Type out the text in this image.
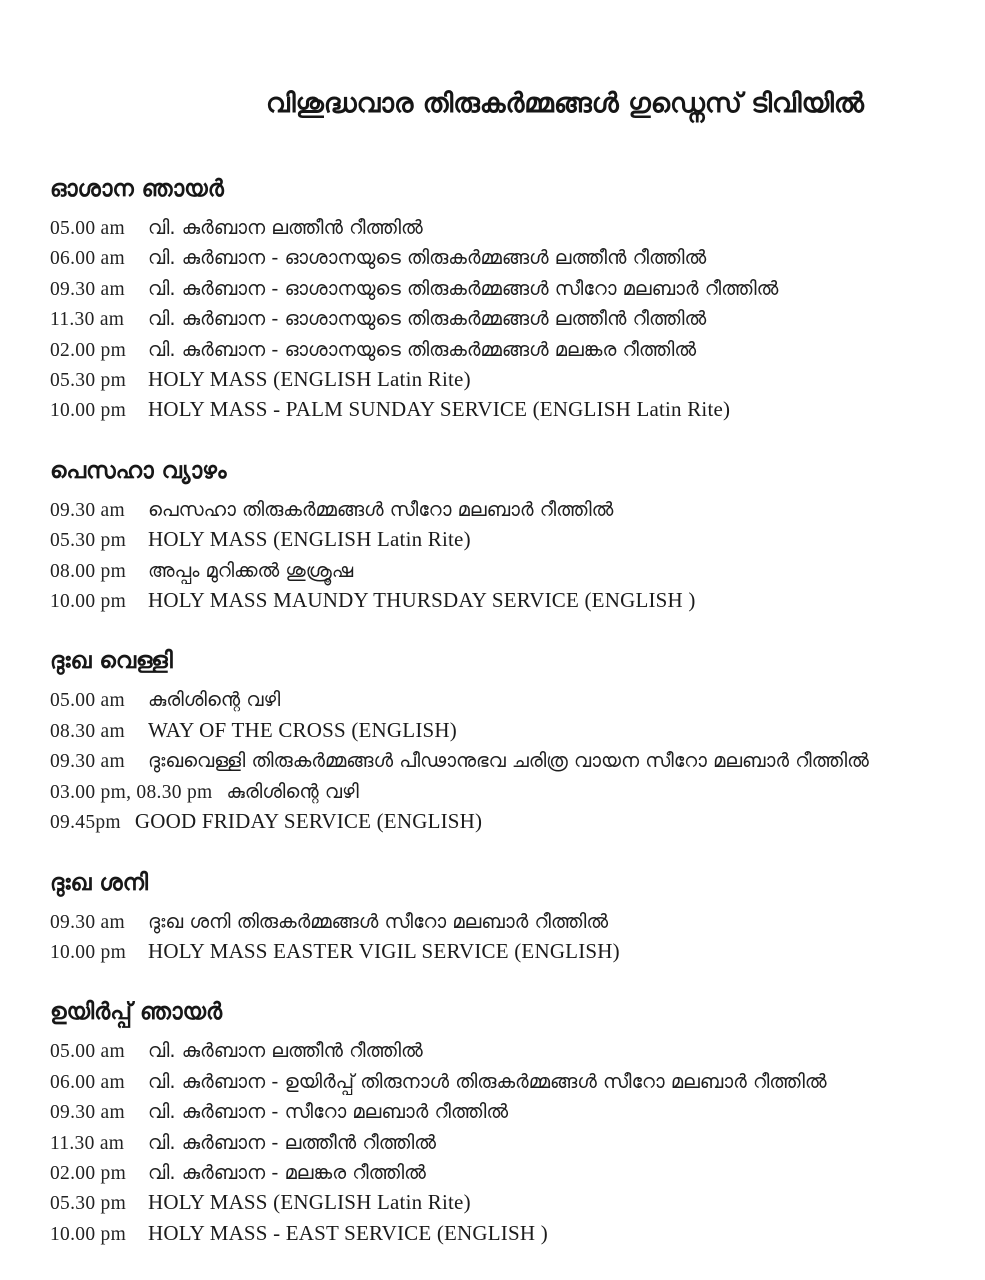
വിശുദ്ധവാര തിരുകർമ്മങ്ങൾ ഗുഡ്നെസ് ടിവിയിൽ
ഓശാന ഞായർ
05.00 am	വി. കുർബാന ലത്തീൻ റീത്തിൽ
06.00 am	വി. കുർബാന - ഓശാനയുടെ തിരുകർമ്മങ്ങൾ ലത്തീൻ റീത്തിൽ
09.30 am	വി. കുർബാന - ഓശാനയുടെ തിരുകർമ്മങ്ങൾ സീറോ മലബാർ റീത്തിൽ
11.30 am	വി. കുർബാന - ഓശാനയുടെ തിരുകർമ്മങ്ങൾ ലത്തീൻ റീത്തിൽ
02.00 pm	വി. കുർബാന - ഓശാനയുടെ തിരുകർമ്മങ്ങൾ മലങ്കര റീത്തിൽ
05.30 pm	HOLY MASS (ENGLISH Latin Rite)
10.00 pm	HOLY MASS - PALM SUNDAY SERVICE (ENGLISH Latin Rite)
പെസഹാ വ്യാഴം
09.30 am	പെസഹാ തിരുകർമ്മങ്ങൾ സീറോ മലബാർ റീത്തിൽ
05.30 pm	HOLY MASS (ENGLISH Latin Rite)
08.00 pm	അപ്പം മുറിക്കൽ ശുശ്രൂഷ
10.00 pm	HOLY MASS MAUNDY THURSDAY SERVICE (ENGLISH )
ദുഃഖ വെള്ളി
05.00 am	കുരിശിന്റെ വഴി
08.30 am	WAY OF THE CROSS (ENGLISH)
09.30 am	ദുഃഖവെള്ളി തിരുകർമ്മങ്ങൾ പീഢാനുഭവ ചരിത്ര വായന സീറോ മലബാർ റീത്തിൽ
03.00 pm, 08.30 pm കുരിശിന്റെ വഴി
09.45pm GOOD FRIDAY SERVICE (ENGLISH)
ദുഃഖ ശനി
09.30 am	ദുഃഖ ശനി തിരുകർമ്മങ്ങൾ സീറോ മലബാർ റീത്തിൽ
10.00 pm	HOLY MASS EASTER VIGIL SERVICE (ENGLISH)
ഉയിർപ്പ് ഞായർ
05.00 am	വി. കുർബാന ലത്തീൻ റീത്തിൽ
06.00 am	വി. കുർബാന - ഉയിർപ്പ് തിരുനാൾ തിരുകർമ്മങ്ങൾ സീറോ മലബാർ റീത്തിൽ
09.30 am	വി. കുർബാന - സീറോ മലബാർ റീത്തിൽ
11.30 am	വി. കുർബാന - ലത്തീൻ റീത്തിൽ
02.00 pm	വി. കുർബാന - മലങ്കര റീത്തിൽ
05.30 pm	HOLY MASS (ENGLISH Latin Rite)
10.00 pm	HOLY MASS - EAST SERVICE (ENGLISH )
